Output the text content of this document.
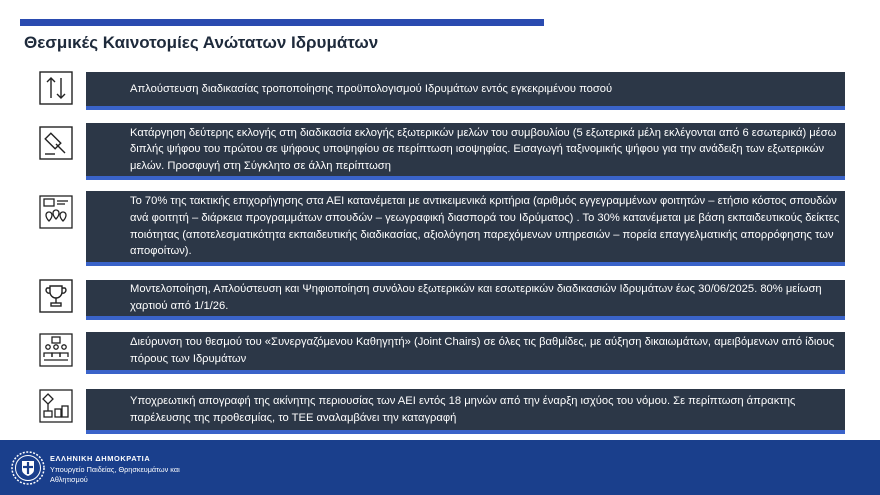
Θεσμικές Καινοτομίες Ανώτατων Ιδρυμάτων
Απλούστευση διαδικασίας τροποποίησης προϋπολογισμού Ιδρυμάτων εντός εγκεκριμένου ποσού
Κατάργηση δεύτερης εκλογής στη διαδικασία εκλογής εξωτερικών μελών του συμβουλίου (5 εξωτερικά μέλη εκλέγονται από 6 εσωτερικά) μέσω διπλής ψήφου του πρώτου σε ψήφους υποψηφίου σε περίπτωση ισοψηφίας. Εισαγωγή ταξινομικής ψήφου για την ανάδειξη των εξωτερικών μελών. Προσφυγή στη Σύγκλητο σε άλλη περίπτωση
Το 70% της τακτικής επιχορήγησης στα ΑΕΙ κατανέμεται με αντικειμενικά κριτήρια (αριθμός εγγεγραμμένων φοιτητών – ετήσιο κόστος σπουδών ανά φοιτητή – διάρκεια προγραμμάτων σπουδών – γεωγραφική διασπορά του Ιδρύματος) . Το 30% κατανέμεται με βάση εκπαιδευτικούς δείκτες ποιότητας (αποτελεσματικότητα εκπαιδευτικής διαδικασίας, αξιολόγηση παρεχόμενων υπηρεσιών – πορεία επαγγελματικής απορρόφησης των αποφοίτων).
Μοντελοποίηση, Απλούστευση και Ψηφιοποίηση συνόλου εξωτερικών και εσωτερικών διαδικασιών Ιδρυμάτων έως 30/06/2025. 80% μείωση χαρτιού από 1/1/26.
Διεύρυνση του θεσμού του «Συνεργαζόμενου Καθηγητή» (Joint Chairs) σε όλες τις βαθμίδες, με αύξηση δικαιωμάτων, αμειβόμενων από ίδιους πόρους των Ιδρυμάτων
Υποχρεωτική απογραφή της ακίνητης περιουσίας των ΑΕΙ εντός 18 μηνών από την έναρξη ισχύος του νόμου. Σε περίπτωση άπρακτης παρέλευσης της προθεσμίας, το ΤΕΕ αναλαμβάνει την καταγραφή
ΕΛΛΗΝΙΚΗ ΔΗΜΟΚΡΑΤΙΑ
Υπουργείο Παιδείας, Θρησκευμάτων και Αθλητισμού
